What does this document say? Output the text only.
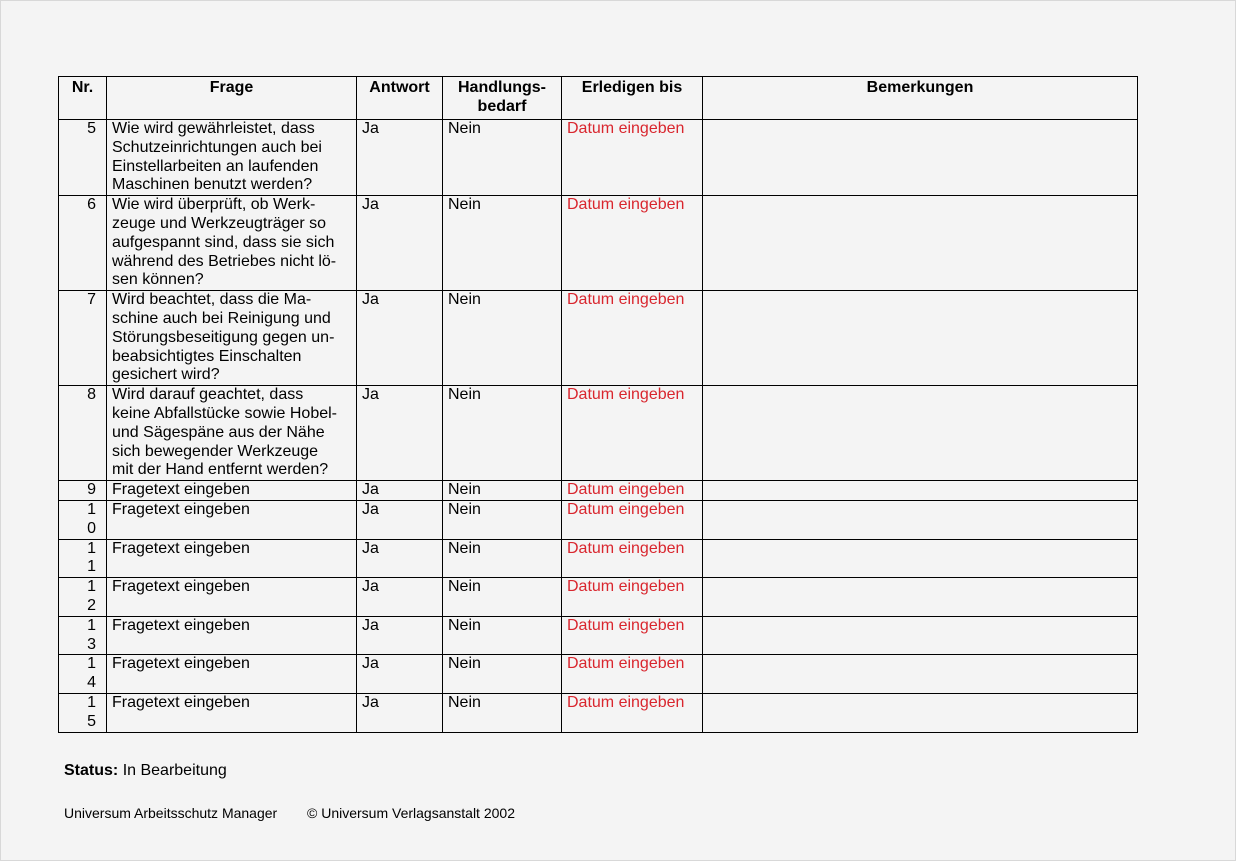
Nr.	Frage	Antwort	Handlungs-
bedarf	Erledigen bis	Bemerkungen
5	Wie wird gewährleistet, dass
Schutzeinrichtungen auch bei
Einstellarbeiten an laufenden
Maschinen benutzt werden?	Ja	Nein	Datum eingeben	
6	Wie wird überprüft, ob Werk-
zeuge und Werkzeugträger so
aufgespannt sind, dass sie sich
während des Betriebes nicht lö-
sen können?	Ja	Nein	Datum eingeben	
7	Wird beachtet, dass die Ma-
schine auch bei Reinigung und
Störungsbeseitigung gegen un-
beabsichtigtes Einschalten
gesichert wird?	Ja	Nein	Datum eingeben	
8	Wird darauf geachtet, dass
keine Abfallstücke sowie Hobel-
und Sägespäne aus der Nähe
sich bewegender Werkzeuge
mit der Hand entfernt werden?	Ja	Nein	Datum eingeben	
9	Fragetext eingeben	Ja	Nein	Datum eingeben	
1
0	Fragetext eingeben	Ja	Nein	Datum eingeben	
1
1	Fragetext eingeben	Ja	Nein	Datum eingeben	
1
2	Fragetext eingeben	Ja	Nein	Datum eingeben	
1
3	Fragetext eingeben	Ja	Nein	Datum eingeben	
1
4	Fragetext eingeben	Ja	Nein	Datum eingeben	
1
5	Fragetext eingeben	Ja	Nein	Datum eingeben	
Status: In Bearbeitung
Universum Arbeitsschutz Manager © Universum Verlagsanstalt 2002
